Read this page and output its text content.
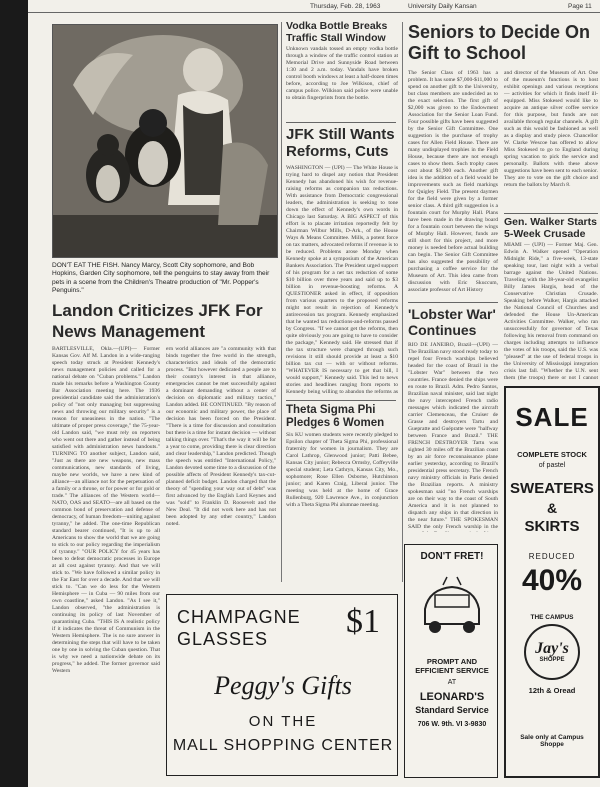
Thursday, Feb. 28, 1963	University Daily Kansan	Page 11
DON'T EAT THE FISH. Nancy Marcy, Scott City sophomore, and Bob Hopkins, Garden City sophomore, tell the penguins to stay away from their pets in a scene from the Children's Theatre production of "Mr. Popper's Penguins."
Landon Criticizes JFK For News Management
BARTLESVILLE, Okla.—(UPI)— Former Kansas Gov. Alf M. Landon in a wide-ranging speech today struck at President Kennedy's news management policies and called for a national debate on "Cuban problems." Landon made his remarks before a Washington County Bar Association meeting here. The 1936 presidential candidate said the administration's policy of "not only managing but suppressing news and throwing our military security" is a reason for uneasiness in the nation. "The ultimate of proper press coverage," the 75-year-old Landon said, "we must rely on reporters who went out there and gather instead of being satisfied with administration news handouts." TURNING TO another subject, Landon said, "Just as there are new weapons, new mass communications, new standards of living, maybe new worlds, we have a new kind of alliance—an alliance not for the perpetuation of a family or a throne, or for power or for gold or trade." The alliances of the Western world—NATO, OAS and SEATO—are all based on the common bond of preservation and defense of democracy, of human freedom—uniting against tyranny," he added. The one-time Republican standard bearer continued, "It is up to all Americans to show the world that we are going to stick to our policy regarding the imperialism of tyranny." "OUR POLICY for 45 years has been to defeat democratic processes in Europe at all cost against tyranny. And that we will stick to. "We have followed a similar policy in the Far East for over a decade. And that we will stick to. "Can we do less for the Western Hemisphere — in Cuba — 90 miles from our own coastline," asked Landon. "As I see it," Landon observed, "the administration is continuing its policy of last November of quarantining Cuba. "THIS IS A realistic policy if it indicates the threat of Communism in the Western Hemisphere. The is no sure answer in determining the steps that will have to be taken one by one in solving the Cuban question. That is why we need a nationwide debate on its progress," he added. The former governor said Western
ern world alliances are "a community with that binds together the free world in the strength, characteristics and ideals of the democratic process. "But however dedicated a people are to their country's interest in that alliance, emergencies cannot be met successfully against a dominant demanding without a center of decision on diplomatic and military tactics," Landon added. BE CONTINUED. "By reason of our economic and military power, the place of decision has been forced on the President. "There is a time for discussion and consultation but there is a time for instant decision — without talking things over. "That's the way it will be for a year to come, providing there is clear direction and clear leadership," Landon predicted. Though the speech was entitled "International Policy," Landon devoted some time to a discussion of the possible affects of President Kennedy's tax-cut-planned deficit budget. Landon charged that the theory of "spending your way out of debt" was first advanced by the English Lord Keynes and was "sold" to Franklin D. Roosevelt and the New Deal. "It did not work here and has not been adopted by any other country," Landon noted.
Vodka Bottle Breaks Traffic Stall Window
Unknown vandals tossed an empty vodka bottle through a window of the traffic control station at Memorial Drive and Sunnyside Road between 1:30 and 2 a.m. today. Vandals have broken control booth windows at least a half-dozen times before, according to Joe Wilkison, chief of campus police. Wilkison said police were unable to obtain fingerprints from the bottle.
JFK Still Wants Reforms, Cuts
WASHINGTON — (UPI) — The White House is trying hard to dispel any notion that President Kennedy has abandoned his wish for revenue-raising reforms as companion tax reductions. With assistance from Democratic congressional leaders, the administration is seeking to tone down the effect of Kennedy's own words in Chicago last Saturday. A BIG ASPECT of this effort is to placate irritation reportedly felt by Chairman Wilbur Mills, D-Ark., of the House Ways & Means Committee. Mills, a potent force on tax matters, advocated reforms if revenue is to be reduced. Problems arose Monday when Kennedy spoke at a symposium of the American Bankers Association. The President urged support of his program for a net tax reduction of some $10 billion over three years and said up to $3 billion in revenue-boosting reforms. A QUESTIONER asked in effect, if opposition from various quarters to the proposed reforms might not result in rejection of Kennedy's antirecession tax program. Kennedy emphasized that he wanted tax reductions-and-reforms passed by Congress. "If we cannot get the reforms, then quite obviously you are going to have to consider the package," Kennedy said. He stressed that if the tax structure were changed through such revisions it still should provide at least a $10 billion tax cut — with or without reforms. "WHATEVER IS necessary to get that bill, I would support," Kennedy said. This led to news stories and headlines ranging from reports to Kennedy being willing to abandon the reforms as
Theta Sigma Phi Pledges 6 Women
Six KU women students were recently pledged to Epsilon chapter of Theta Sigma Phi, professional fraternity for women in journalism. They are Carol Lathrop, Glenwood junior; Patti Bebee, Kansas City junior; Rebecca Ormsby, Coffeyville special student; Leta Cathryn, Kansas City, Mo., sophomore; Rose Ellen Osborne, Hutchinson junior; and Karen Craig, Liberal junior. The meeting was held at the home of Grace Rullenburg, 920 Lawrence Ave., in conjunction with a Theta Sigma Phi alumnae meeting.
Seniors to Decide On Gift to School
The Senior Class of 1963 has a problem. It has some $7,000-$11,000 to spend on another gift to the University, but class members are undecided as to the exact selection. The first gift of $2,000 was given to the Endowment Association for the Senior Loan Fund. Four possible gifts have been suggested by the Senior Gift Committee. One suggestion is the purchase of trophy cases for Allen Field House. There are many undisplayed trophies in the Field House, because there are not enough cases to show them. Such trophy cases cost about $1,900 each. Another gift idea is the addition of a field would be improvements such as field markings for Quigley Field. The present daymen for the field were given by a former senior class. A third gift suggestion is a fountain court for Murphy Hall. Plans have been made in the drawing board for a fountain court between the wings of Murphy Hall. However, funds are still short for this project, and more money is needed before actual building can begin. The Senior Gift Committee has also suggested the possibility of purchasing a coffee service for the Museum of Art. This idea came from discussion with Eric Skuccum, associate professor of Art History
and director of the Museum of Art. One of the museum's functions is to host exhibit openings and various receptions — activities for which it finds itself ill-equipped. Miss Stokesed would like to acquire an antique silver coffee service for this purpose, but funds are not available through regular channels. A gift such as this would be fashioned as well as a display and study piece. Chancellor W. Clarke Wescoe has offered to allow Miss Stokesed to go to England during spring vacation to pick the service and personally. Ballots with these above suggestions have been sent to each senior. They are to vote on the gift choice and return the ballots by March 8.
Gen. Walker Starts 5-Week Crusade
MIAMI — (UPI) — Former Maj. Gen. Edwin A. Walker opened "Operation Midnight Ride," a five-week, 13-state speaking tour, last night with a verbal barrage against the United Nations. Traveling with the 38-year-old evangelist Billy James Hargis, head of the Conservative Christian Crusade. Speaking before Walker, Hargis attacked the National Council of Churches and defended the House Un-American Activities Committee. Walker, who ran unsuccessfully for governor of Texas following his removal from command on charges including attempts to influence the votes of his troops, said the U.S. was "pleased" at the use of federal troops in the University of Mississippi integration crisis last fall. "Whether the U.N. sent them (the troops) there or not I cannot
'Lobster War' Continues
RIO DE JANEIRO, Brazil—(UPI) —The Brazilian navy stood ready today to repel four French warships believed headed for the coast of Brazil in the "Lobster War" between the two countries. France denied the ships were en route to Brazil. Adm. Pedro Santos, Brazilian naval minister, said last night the navy intercepted French radio messages which indicated the aircraft carrier Clemenceau, the Cruiser de Grasse and destroyers Tartu and Guepratte and Guépratte were "halfway between France and Brazil." THE FRENCH DESTROYER Tartu was sighted 30 miles off the Brazilian coast by an air force reconnaissance plane earlier yesterday, according to Brazil's presidential press secretary. The French navy ministry officials in Paris denied the Brazilian reports. A ministry spokesman said "no French warships are on their way to the coast of South America and it is not planned to dispatch any ships in that direction in the near future." THE SPOKESMAN SAID the only French warship in the
CHAMPAGNE
GLASSES	$1
Peggy's Gifts
ON THE
MALL SHOPPING CENTER
DON'T FRET!
PROMPT AND EFFICIENT SERVICE
AT
LEONARD'S
Standard Service
706 W. 9th. VI 3-9830
SALE
COMPLETE STOCK
of pastel
SWEATERS
&
SKIRTS
REDUCED
40%
THE CAMPUS
Jay's
SHOPPE
12th & Oread
Sale only at Campus Shoppe
